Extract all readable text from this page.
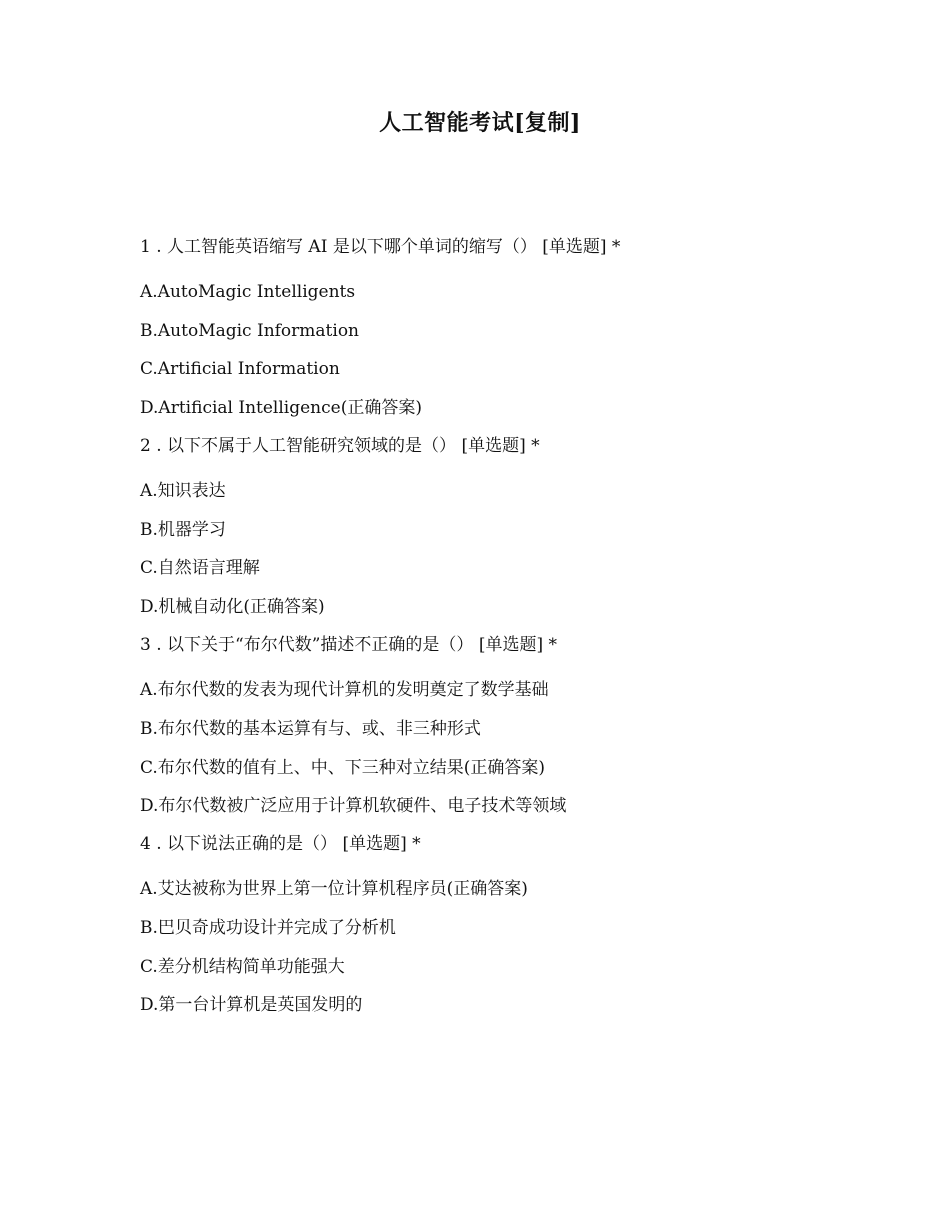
人工智能考试[复制]
1 . 人工智能英语缩写 AI 是以下哪个单词的缩写（） [单选题] *
A.AutoMagic Intelligents
B.AutoMagic Information
C.Artificial Information
D.Artificial Intelligence(正确答案)
2 . 以下不属于人工智能研究领域的是（） [单选题] *
A.知识表达
B.机器学习
C.自然语言理解
D.机械自动化(正确答案)
3 . 以下关于“布尔代数”描述不正确的是（） [单选题] *
A.布尔代数的发表为现代计算机的发明奠定了数学基础
B.布尔代数的基本运算有与、或、非三种形式
C.布尔代数的值有上、中、下三种对立结果(正确答案)
D.布尔代数被广泛应用于计算机软硬件、电子技术等领域
4 . 以下说法正确的是（） [单选题] *
A.艾达被称为世界上第一位计算机程序员(正确答案)
B.巴贝奇成功设计并完成了分析机
C.差分机结构简单功能强大
D.第一台计算机是英国发明的
